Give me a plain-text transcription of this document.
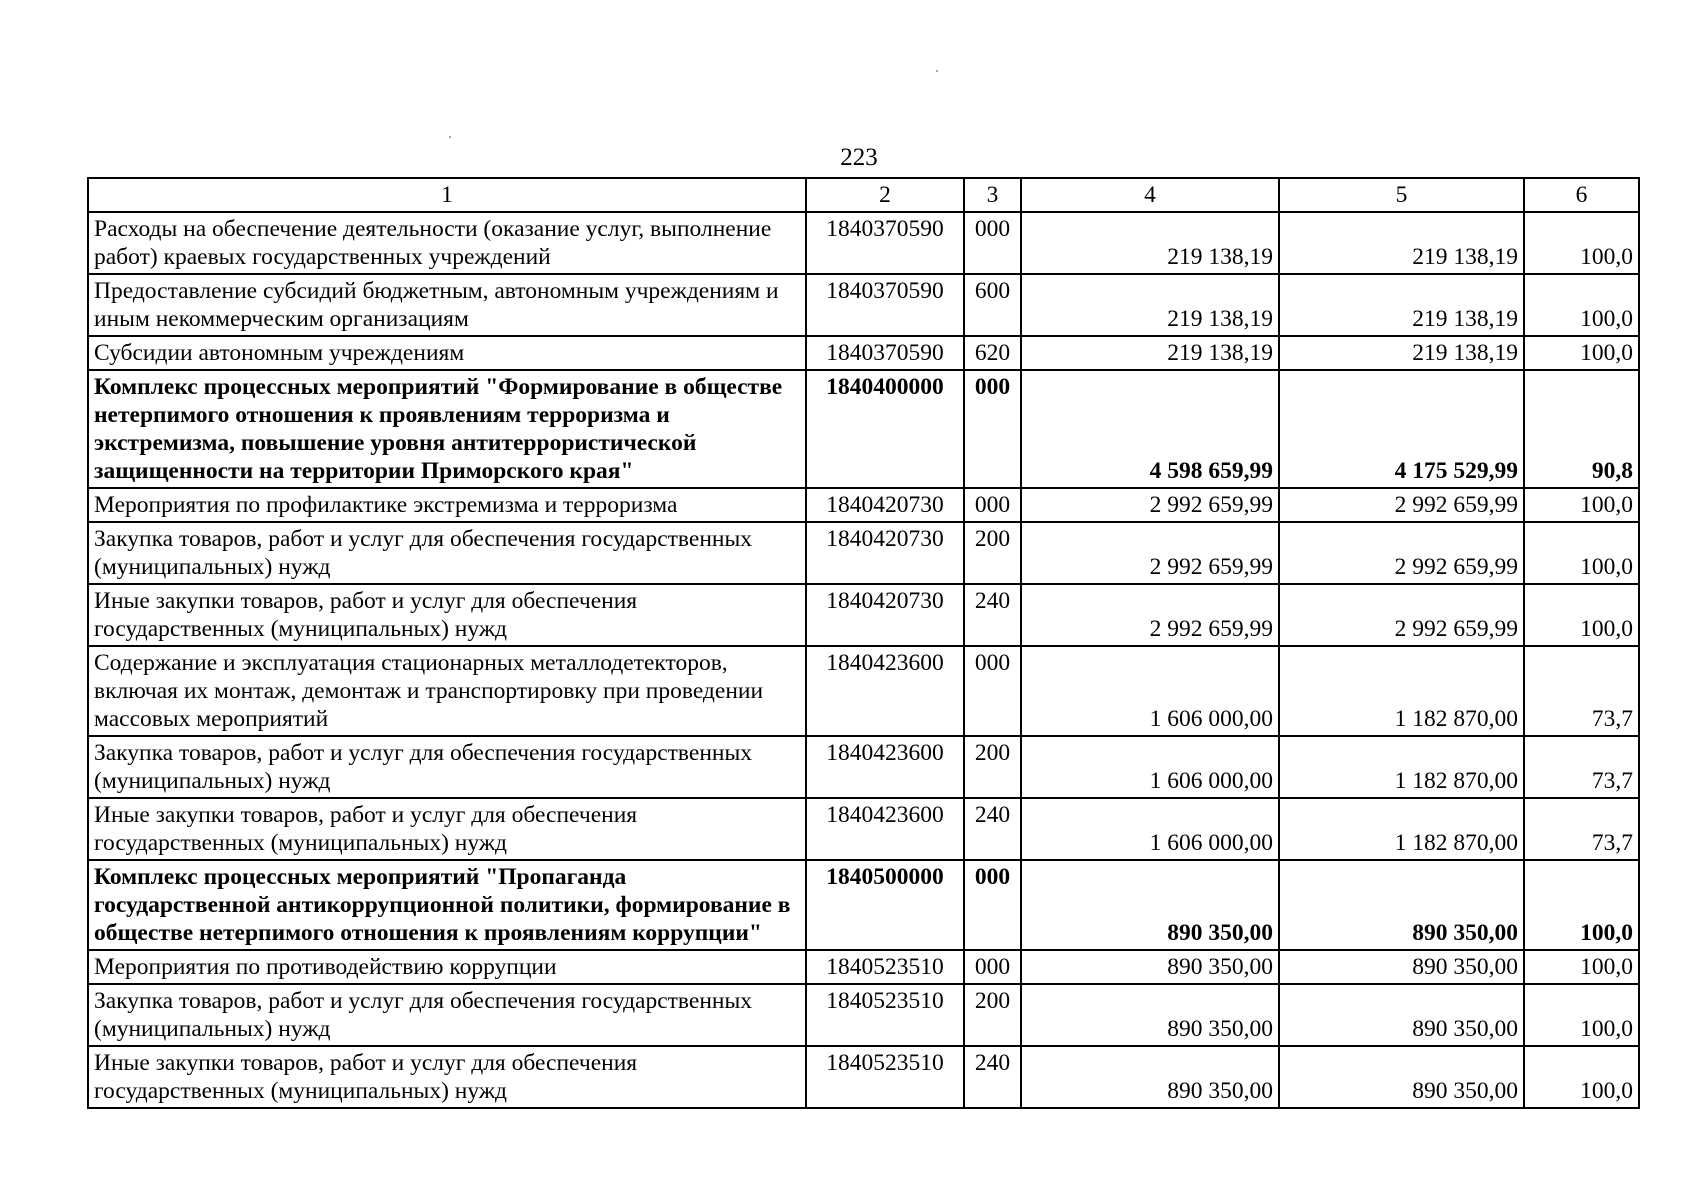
223
1	2	3	4	5	6
Расходы на обеспечение деятельности (оказание услуг, выполнение работ) краевых государственных учреждений	1840370590	000	219 138,19	219 138,19	100,0
Предоставление субсидий бюджетным, автономным учреждениям и иным некоммерческим организациям	1840370590	600	219 138,19	219 138,19	100,0
Субсидии автономным учреждениям	1840370590	620	219 138,19	219 138,19	100,0
Комплекс процессных мероприятий "Формирование в обществе нетерпимого отношения к проявлениям терроризма и экстремизма, повышение уровня антитеррористической защищенности на территории Приморского края"	1840400000	000	4 598 659,99	4 175 529,99	90,8
Мероприятия по профилактике экстремизма и терроризма	1840420730	000	2 992 659,99	2 992 659,99	100,0
Закупка товаров, работ и услуг для обеспечения государственных (муниципальных) нужд	1840420730	200	2 992 659,99	2 992 659,99	100,0
Иные закупки товаров, работ и услуг для обеспечения государственных (муниципальных) нужд	1840420730	240	2 992 659,99	2 992 659,99	100,0
Содержание и эксплуатация стационарных металлодетекторов, включая их монтаж, демонтаж и транспортировку при проведении массовых мероприятий	1840423600	000	1 606 000,00	1 182 870,00	73,7
Закупка товаров, работ и услуг для обеспечения государственных (муниципальных) нужд	1840423600	200	1 606 000,00	1 182 870,00	73,7
Иные закупки товаров, работ и услуг для обеспечения государственных (муниципальных) нужд	1840423600	240	1 606 000,00	1 182 870,00	73,7
Комплекс процессных мероприятий "Пропаганда государственной антикоррупционной политики, формирование в обществе нетерпимого отношения к проявлениям коррупции"	1840500000	000	890 350,00	890 350,00	100,0
Мероприятия по противодействию коррупции	1840523510	000	890 350,00	890 350,00	100,0
Закупка товаров, работ и услуг для обеспечения государственных (муниципальных) нужд	1840523510	200	890 350,00	890 350,00	100,0
Иные закупки товаров, работ и услуг для обеспечения государственных (муниципальных) нужд	1840523510	240	890 350,00	890 350,00	100,0
